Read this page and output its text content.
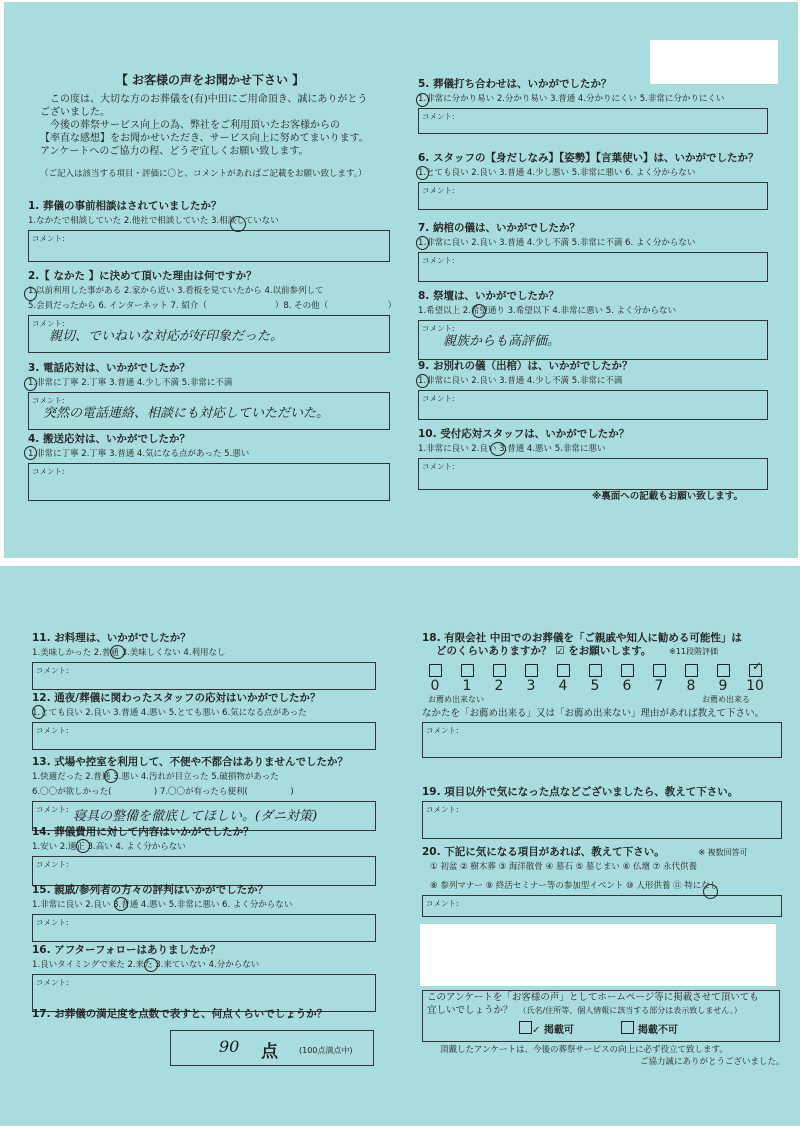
【 お客様の声をお聞かせ下さい 】
この度は、大切な方のお葬儀を(有)中田にご用命頂き、誠にありがとう
ございました。
今後の葬祭サービス向上の為、弊社をご利用頂いたお客様からの
【率直な感想】をお聞かせいただき、サービス向上に努めてまいります。
アンケートへのご協力の程、どうぞ宜しくお願い致します。
（ご記入は該当する項目・評価に〇と、コメントがあればご記載をお願い致します。）
1. 葬儀の事前相談はされていましたか？
1.なかたで相談していた 2.他社で相談していた 3.相談していない
コメント:
2.【 なかた 】に決めて頂いた理由は何ですか？
1.以前利用した事がある 2.家から近い 3.看板を見ていたから 4.以前参列して
5.会員だったから 6. インターネット 7. 紹介（　　　　　　　　）8. その他（　　　　　　　）
コメント:
親切、でいねいな対応が好印象だった。
3. 電話応対は、いかがでしたか？
1.非常に丁寧 2.丁寧 3.普通 4.少し不満 5.非常に不満
コメント:
突然の電話連絡、相談にも対応していただいた。
4. 搬送応対は、いかがでしたか？
1.非常に丁寧 2.丁寧 3.普通 4.気になる点があった 5.悪い
コメント:
5. 葬儀打ち合わせは、いかがでしたか？
1.非常に分かり易い 2.分かり易い 3.普通 4.分かりにくい 5.非常に分かりにくい
コメント:
6. スタッフの【身だしなみ】【姿勢】【言葉使い】は、いかがでしたか？
1.とても良い 2.良い 3.普通 4.少し悪い 5.非常に悪い 6. よく分からない
コメント:
7. 納棺の儀は、いかがでしたか？
1.非常に良い 2.良い 3.普通 4.少し不満 5.非常に不満 6. よく分からない
コメント:
8. 祭壇は、いかがでしたか？
1.希望以上 2.希望通り 3.希望以下 4.非常に悪い 5. よく分からない
コメント:
親族からも高評価。
9. お別れの儀（出棺）は、いかがでしたか？
1.非常に良い 2.良い 3.普通 4.少し不満 5.非常に不満
コメント:
10. 受付応対スタッフは、いかがでしたか？
1.非常に良い 2.良い 3.普通 4.悪い 5.非常に悪い
コメント:
※裏面への記載もお願い致します。
11. お料理は、いかがでしたか？
1.美味しかった 2.普通 3.美味しくない 4.利用なし
コメント:
12. 通夜/葬儀に関わったスタッフの応対はいかがでしたか？
1.とても良い 2.良い 3.普通 4.悪い 5.とても悪い 6.気になる点があった
コメント:
13. 式場や控室を利用して、不便や不都合はありませんでしたか？
1.快適だった 2.普通 3.悪い 4.汚れが目立った 5.破損物があった
6.〇〇が欲しかった(　　　　　) 7.〇〇が有ったら便利(　　　　　)
コメント: 寝具の整備を徹底してほしい。(ダニ対策)
14. 葬儀費用に対して内容はいかがでしたか？
1.安い 2.適正 3.高い 4. よく分からない
コメント:
15. 親戚/参列者の方々の評判はいかがでしたか？
1.非常に良い 2.良い 3.普通 4.悪い 5.非常に悪い 6. よく分からない
コメント:
16. アフターフォローはありましたか？
1.良いタイミングで来た 2.来た 3.来ていない 4.分からない
コメント:
17. お葬儀の満足度を点数で表すと、何点くらいでしょうか？
90 点	(100点満点中)
18. 有限会社 中田でのお葬儀を「ご親戚や知人に勧める可能性」は
どのくらいありますか？ ☑ をお願いします。 ※11段階評価
✓
0	1	2	3	4	5	6	7	8	9	10
お薦め出来ない	お薦め出来る
なかたを「お薦め出来る」又は「お薦め出来ない」理由があれば教えて下さい。
コメント:
19. 項目以外で気になった点などございましたら、教えて下さい。
コメント:
20. 下記に気になる項目があれば、教えて下さい。	※ 複数回答可
① 初盆 ② 樹木葬 ③ 海洋散骨 ④ 墓石 ⑤ 墓じまい ⑥ 仏壇 ⑦ 永代供養
⑧ 参列マナー ⑨ 終活セミナー等の参加型イベント ⑩ 人形供養 ⑪ 特になし
コメント:
このアンケートを「お客様の声」としてホームページ等に掲載させて頂いても
宜しいでしょうか？ （氏名/住所等、個人情報に該当する部分は表示致しません。）
✓ 掲載可	掲載不可
頂戴したアンケートは、今後の葬祭サービスの向上に必ず役立て致します。
ご協力誠にありがとうございました。
